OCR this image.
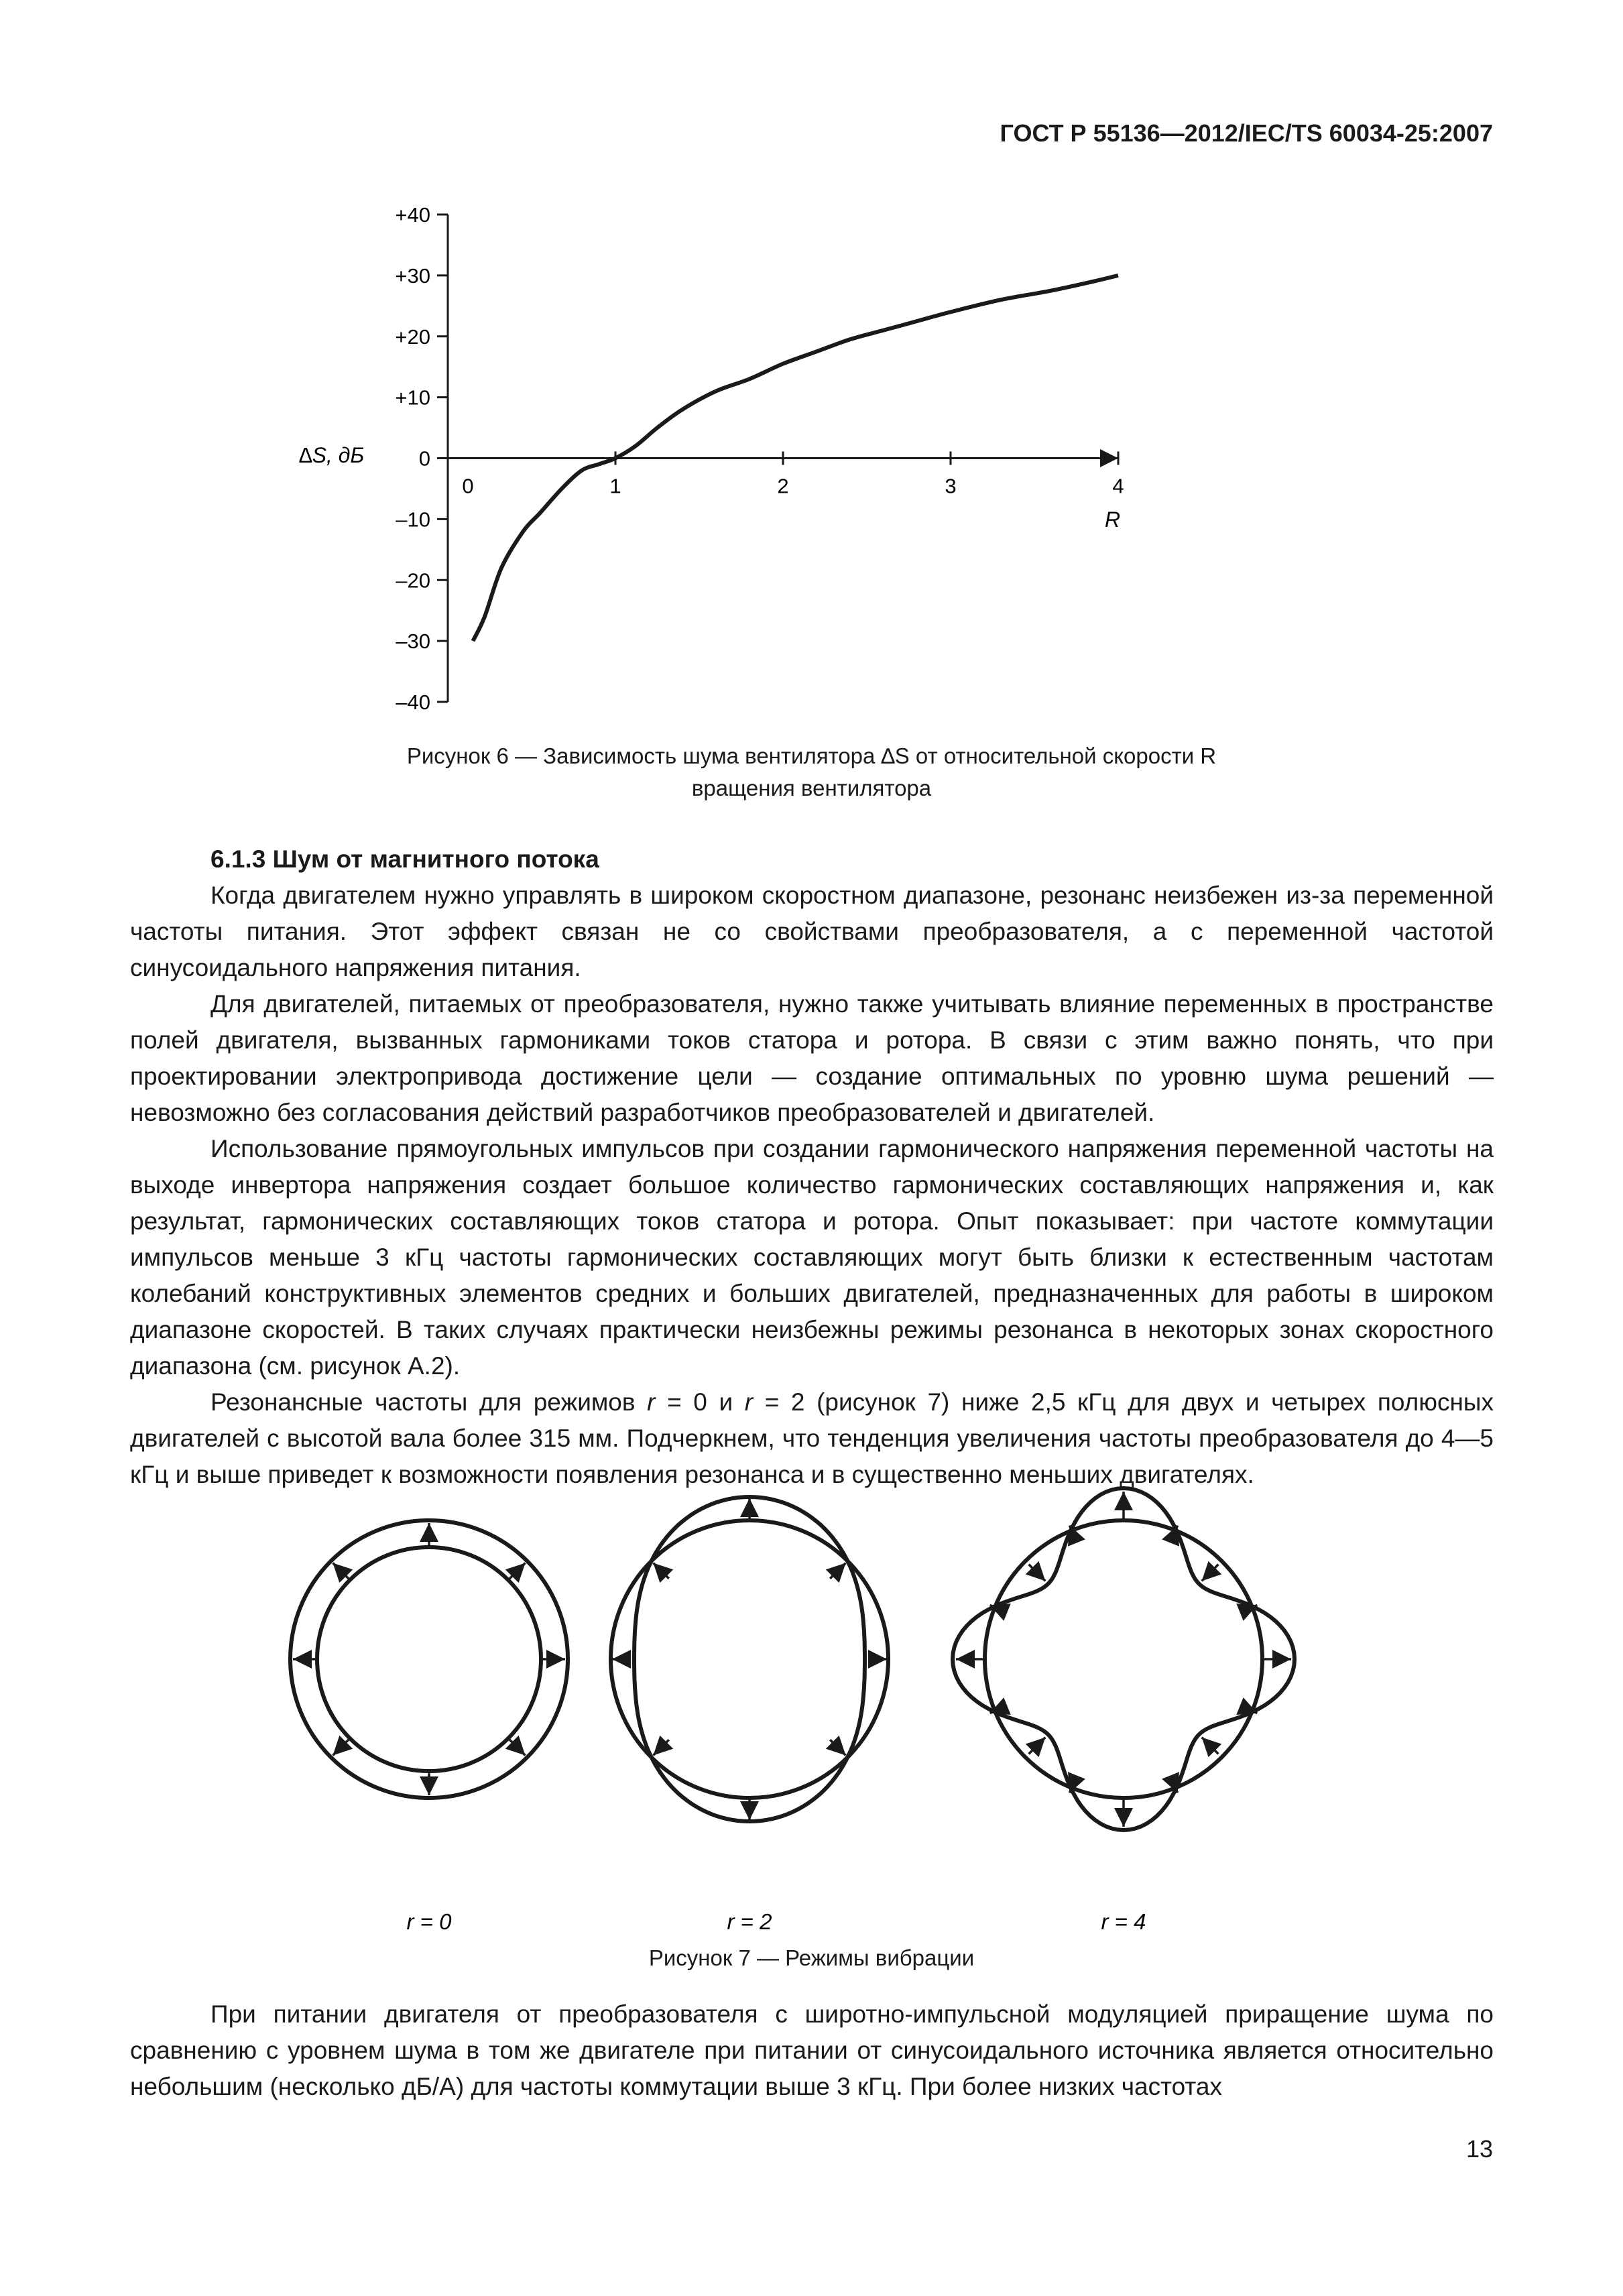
ГОСТ Р 55136—2012/IEC/TS 60034-25:2007
+40
+30
+20
+10
0
–10
–20
–30
–40
0	1	2	3	4
∆S, дБ
R
Рисунок 6 — Зависимость шума вентилятора ∆S от относительной скорости R
вращения вентилятора

6.1.3 Шум от магнитного потока

Когда двигателем нужно управлять в широком скоростном диапазоне, резонанс неизбежен из-за переменной частоты питания. Этот эффект связан не со свойствами преобразователя, а с переменной частотой синусоидального напряжения питания.

Для двигателей, питаемых от преобразователя, нужно также учитывать влияние переменных в пространстве полей двигателя, вызванных гармониками токов статора и ротора. В связи с этим важно понять, что при проектировании электропривода достижение цели — создание оптимальных по уровню шума решений — невозможно без согласования действий разработчиков преобразователей и двигателей.

Использование прямоугольных импульсов при создании гармонического напряжения переменной частоты на выходе инвертора напряжения создает большое количество гармонических составляющих напряжения и, как результат, гармонических составляющих токов статора и ротора. Опыт показывает: при частоте коммутации импульсов меньше 3 кГц частоты гармонических составляющих могут быть близки к естественным частотам колебаний конструктивных элементов средних и больших двигателей, предназначенных для работы в широком диапазоне скоростей. В таких случаях практически неизбежны режимы резонанса в некоторых зонах скоростного диапазона (см. рисунок А.2).

Резонансные частоты для режимов r = 0 и r = 2 (рисунок 7) ниже 2,5 кГц для двух и четырех полюсных двигателей с высотой вала более 315 мм. Подчеркнем, что тенденция увеличения частоты преобразователя до 4—5 кГц и выше приведет к возможности появления резонанса и в существенно меньших двигателях.

r = 0	r = 2	r = 4
Рисунок 7 — Режимы вибрации

При питании двигателя от преобразователя с широтно-импульсной модуляцией приращение шума по сравнению с уровнем шума в том же двигателе при питании от синусоидального источника является относительно небольшим (несколько дБ/А) для частоты коммутации выше 3 кГц. При более низких частотах

13
